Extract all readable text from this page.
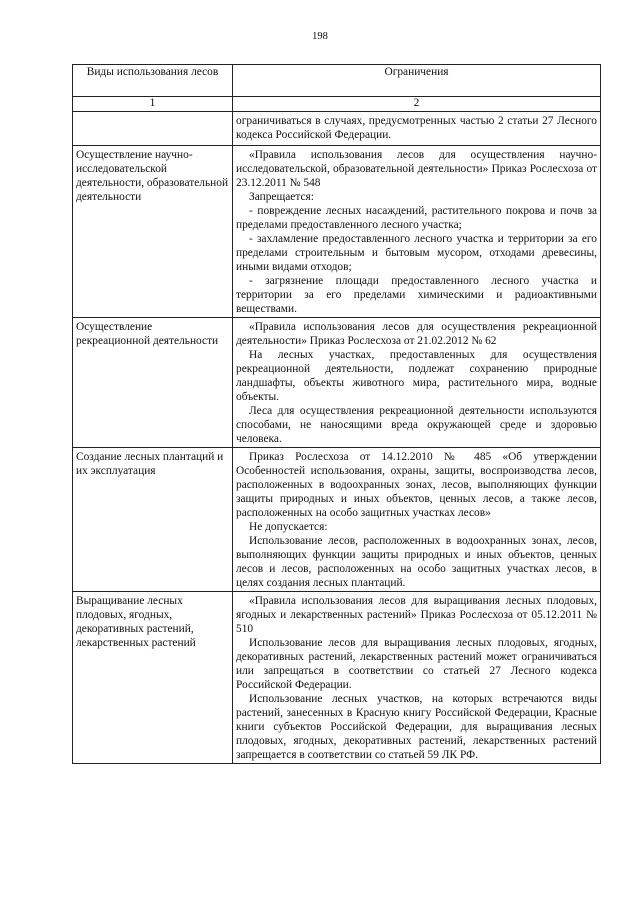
198
Виды использования лесов	Ограничения
1	2

	ограничиваться в случаях, предусмотренных частью 2 статьи 27 Лесного кодекса Российской Федерации.

Осуществление научно-исследовательской деятельности, образовательной деятельности	«Правила использования лесов для осуществления научно-исследовательской, образовательной деятельности» Приказ Рослесхоза от 23.12.2011 № 548

Запрещается:

- повреждение лесных насаждений, растительного покрова и почв за пределами предоставленного лесного участка;

- захламление предоставленного лесного участка и территории за его пределами строительным и бытовым мусором, отходами древесины, иными видами отходов;

- загрязнение площади предоставленного лесного участка и территории за его пределами химическими и радиоактивными веществами.

Осуществление рекреационной деятельности	«Правила использования лесов для осуществления рекреационной деятельности» Приказ Рослесхоза от 21.02.2012 № 62

На лесных участках, предоставленных для осуществления рекреационной деятельности, подлежат сохранению природные ландшафты, объекты животного мира, растительного мира, водные объекты.

Леса для осуществления рекреационной деятельности используются способами, не наносящими вреда окружающей среде и здоровью человека.

Создание лесных плантаций и их эксплуатация	Приказ Рослесхоза от 14.12.2010 № 485 «Об утверждении Особенностей использования, охраны, защиты, воспроизводства лесов, расположенных в водоохранных зонах, лесов, выполняющих функции защиты природных и иных объектов, ценных лесов, а также лесов, расположенных на особо защитных участках лесов»

Не допускается:

Использование лесов, расположенных в водоохранных зонах, лесов, выполняющих функции защиты природных и иных объектов, ценных лесов и лесов, расположенных на особо защитных участках лесов, в целях создания лесных плантаций.

Выращивание лесных плодовых, ягодных, декоративных растений, лекарственных растений	«Правила использования лесов для выращивания лесных плодовых, ягодных и лекарственных растений» Приказ Рослесхоза от 05.12.2011 № 510

Использование лесов для выращивания лесных плодовых, ягодных, декоративных растений, лекарственных растений может ограничиваться или запрещаться в соответствии со статьей 27 Лесного кодекса Российской Федерации.

Использование лесных участков, на которых встречаются виды растений, занесенных в Красную книгу Российской Федерации, Красные книги субъектов Российской Федерации, для выращивания лесных плодовых, ягодных, декоративных растений, лекарственных растений запрещается в соответствии со статьей 59 ЛК РФ.
